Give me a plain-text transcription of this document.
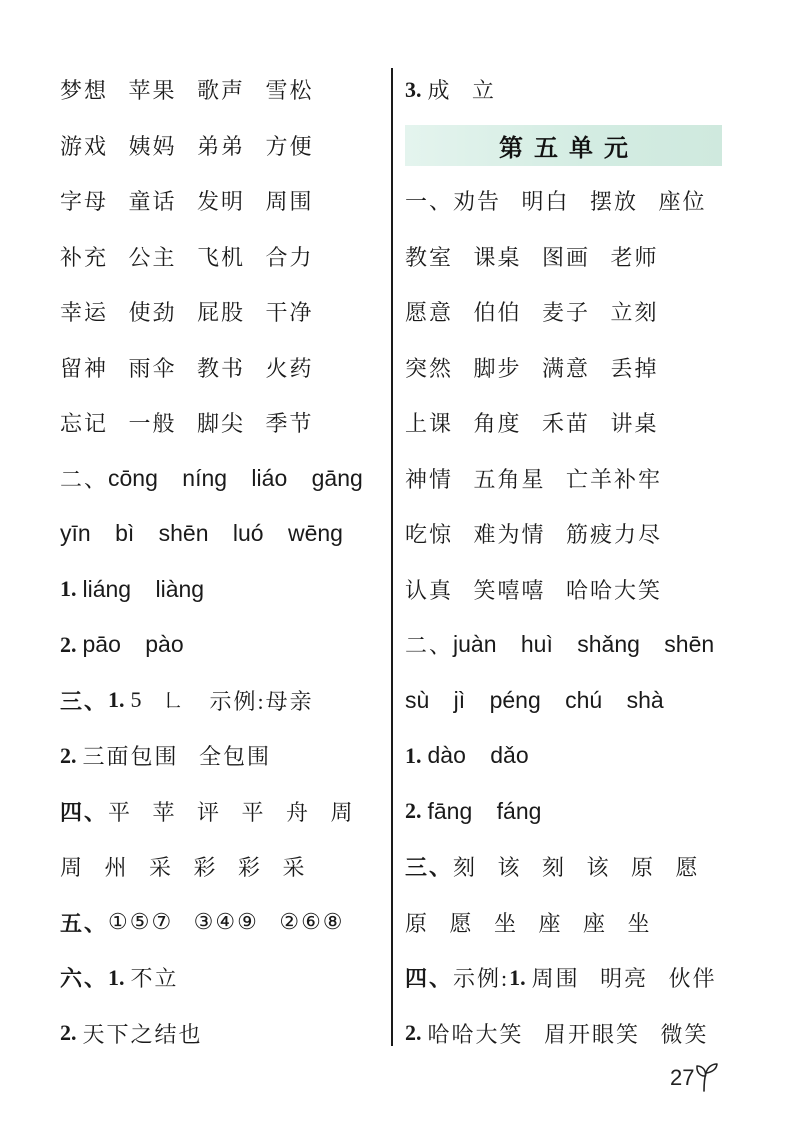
梦想 苹果 歌声 雪松
游戏 姨妈 弟弟 方便
字母 童话 发明 周围
补充 公主 飞机 合力
幸运 使劲 屁股 干净
留神 雨伞 教书 火药
忘记 一般 脚尖 季节
二、 cōng níng liáo gāng
yīn bì shēn luó wēng
1. liáng liàng
2. pāo pào
三、 1. 5 ㇗ 示例:母亲
2. 三面包围 全包围
四、 平 苹 评 平 舟 周
周 州 采 彩 彩 采
五、 ①⑤⑦ ③④⑨ ②⑥⑧
六、 1. 不立
2. 天下之结也
3. 成 立
第五单元
一、 劝告 明白 摆放 座位
教室 课桌 图画 老师
愿意 伯伯 麦子 立刻
突然 脚步 满意 丢掉
上课 角度 禾苗 讲桌
神情 五角星 亡羊补牢
吃惊 难为情 筋疲力尽
认真 笑嘻嘻 哈哈大笑
二、 juàn huì shǎng shēn
sù jì péng chú shà
1. dào dǎo
2. fāng fáng
三、 刻 该 刻 该 原 愿
原 愿 坐 座 座 坐
四、 示例: 1. 周围 明亮 伙伴
2. 哈哈大笑 眉开眼笑 微笑
27
